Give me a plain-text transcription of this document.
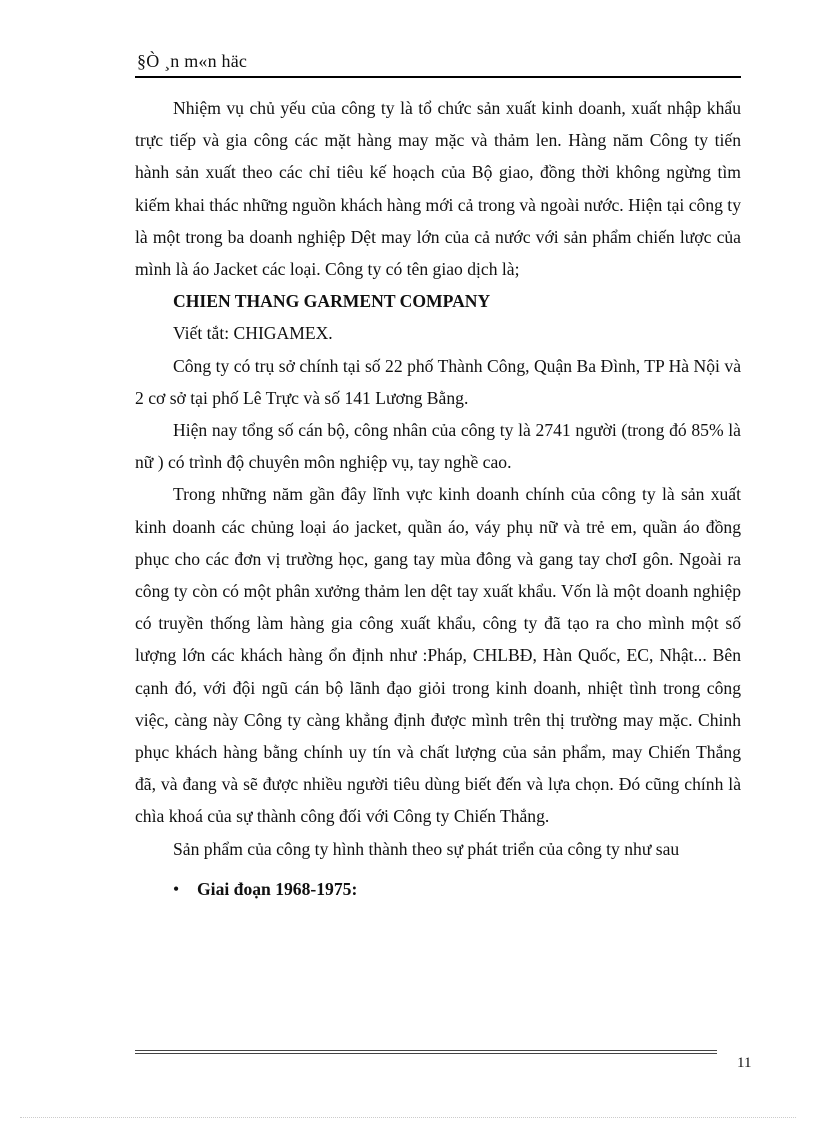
§Ò ¸n m«n häc

Nhiệm vụ chủ yếu của công ty là tổ chức sản xuất kinh doanh, xuất nhập khẩu trực tiếp và gia công các mặt hàng may mặc và thảm len. Hàng năm Công ty tiến hành sản xuất theo các chỉ tiêu kế hoạch của Bộ giao, đồng thời không ngừng tìm kiếm khai thác những nguồn khách hàng mới cả trong và ngoài nước. Hiện tại công ty là một trong ba doanh nghiệp Dệt may lớn của cả nước với sản phẩm chiến lược của mình là áo Jacket các loại. Công ty có tên giao dịch là;

CHIEN THANG GARMENT COMPANY

Viết tắt: CHIGAMEX.

Công ty có trụ sở chính tại số 22 phố Thành Công, Quận Ba Đình, TP Hà Nội và 2 cơ sở tại phố Lê Trực và số 141 Lương Bằng.

Hiện nay tổng số cán bộ, công nhân của công ty là 2741 người (trong đó 85% là nữ ) có trình độ chuyên môn nghiệp vụ, tay nghề cao.

Trong những năm gần đây lĩnh vực kinh doanh chính của công ty là sản xuất kinh doanh các chủng loại áo jacket, quần áo, váy phụ nữ và trẻ em, quần áo đồng phục cho các đơn vị trường học, gang tay mùa đông và gang tay chơI gôn. Ngoài ra công ty còn có một phân xưởng thảm len dệt tay xuất khẩu. Vốn là một doanh nghiệp có truyền thống làm hàng gia công xuất khẩu, công ty đã tạo ra cho mình một số lượng lớn các khách hàng ổn định như :Pháp, CHLBĐ, Hàn Quốc, EC, Nhật... Bên cạnh đó, với đội ngũ cán bộ lãnh đạo giỏi trong kinh doanh, nhiệt tình trong công việc, càng này Công ty càng khẳng định được mình trên thị trường may mặc. Chinh phục khách hàng bằng chính uy tín và chất lượng của sản phẩm, may Chiến Thắng đã, và đang và sẽ được nhiều người tiêu dùng biết đến và lựa chọn. Đó cũng chính là chìa khoá của sự thành công đối với Công ty Chiến Thắng.

Sản phẩm của công ty hình thành theo sự phát triển của công ty như sau

• Giai đoạn 1968-1975:
11
